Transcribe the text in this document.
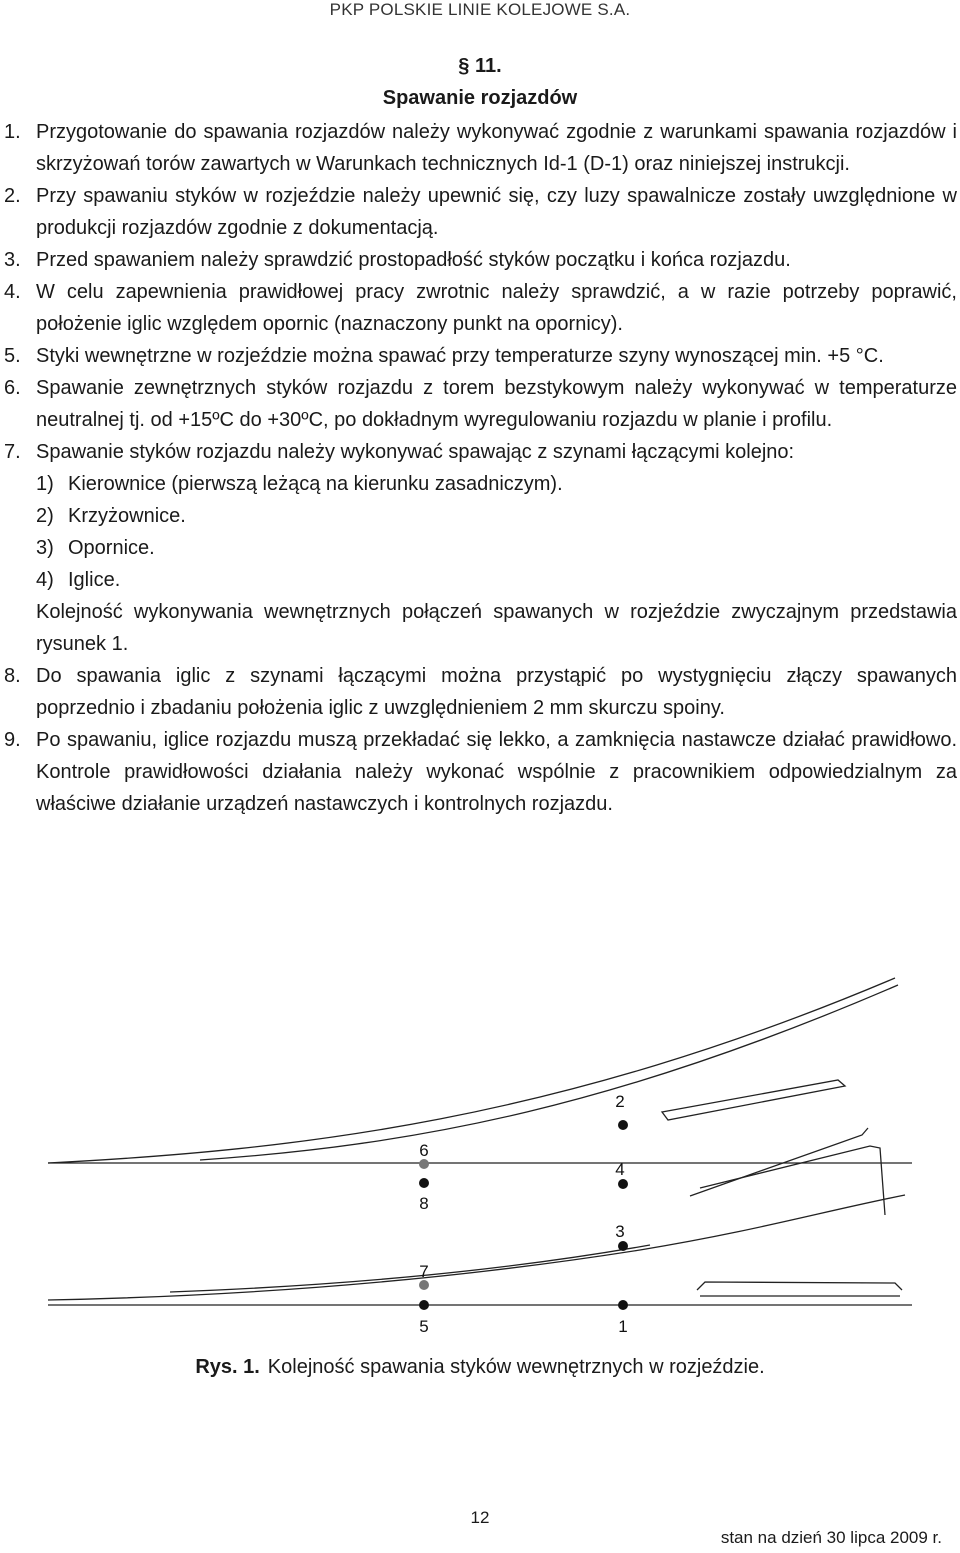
PKP POLSKIE LINIE KOLEJOWE S.A.
§ 11.
Spawanie rozjazdów
1. Przygotowanie do spawania rozjazdów należy wykonywać zgodnie z warunkami spawania rozjazdów i skrzyżowań torów zawartych w Warunkach technicznych Id-1 (D-1) oraz niniejszej instrukcji.
2. Przy spawaniu styków w rozjeździe należy upewnić się, czy luzy spawalnicze zostały uwzględnione w produkcji rozjazdów zgodnie z dokumentacją.
3. Przed spawaniem należy sprawdzić prostopadłość styków początku i końca rozjazdu.
4. W celu zapewnienia prawidłowej pracy zwrotnic należy sprawdzić, a w razie potrzeby poprawić, położenie iglic względem opornic (naznaczony punkt na opornicy).
5. Styki wewnętrzne w rozjeździe można spawać przy temperaturze szyny wynoszącej min. +5 °C.
6. Spawanie zewnętrznych styków rozjazdu z torem bezstykowym należy wykonywać w temperaturze neutralnej tj. od +15ºC do +30ºC, po dokładnym wyregulowaniu rozjazdu w planie i profilu.
7. Spawanie styków rozjazdu należy wykonywać spawając z szynami łączącymi kolejno:
1) Kierownice (pierwszą leżącą na kierunku zasadniczym).
2) Krzyżownice.
3) Opornice.
4) Iglice.
Kolejność wykonywania wewnętrznych połączeń spawanych w rozjeździe zwyczajnym przedstawia rysunek 1.
8. Do spawania iglic z szynami łączącymi można przystąpić po wystygnięciu złączy spawanych poprzednio i zbadaniu położenia iglic z uwzględnieniem 2 mm skurczu spoiny.
9. Po spawaniu, iglice rozjazdu muszą przekładać się lekko, a zamknięcia nastawcze działać prawidłowo. Kontrole prawidłowości działania należy wykonać wspólnie z pracownikiem odpowiedzialnym za właściwe działanie urządzeń nastawczych i kontrolnych rozjazdu.
2
4
3
1
6
8
7
5
Rys. 1. Kolejność spawania styków wewnętrznych w rozjeździe.
12
stan na dzień 30 lipca 2009 r.
